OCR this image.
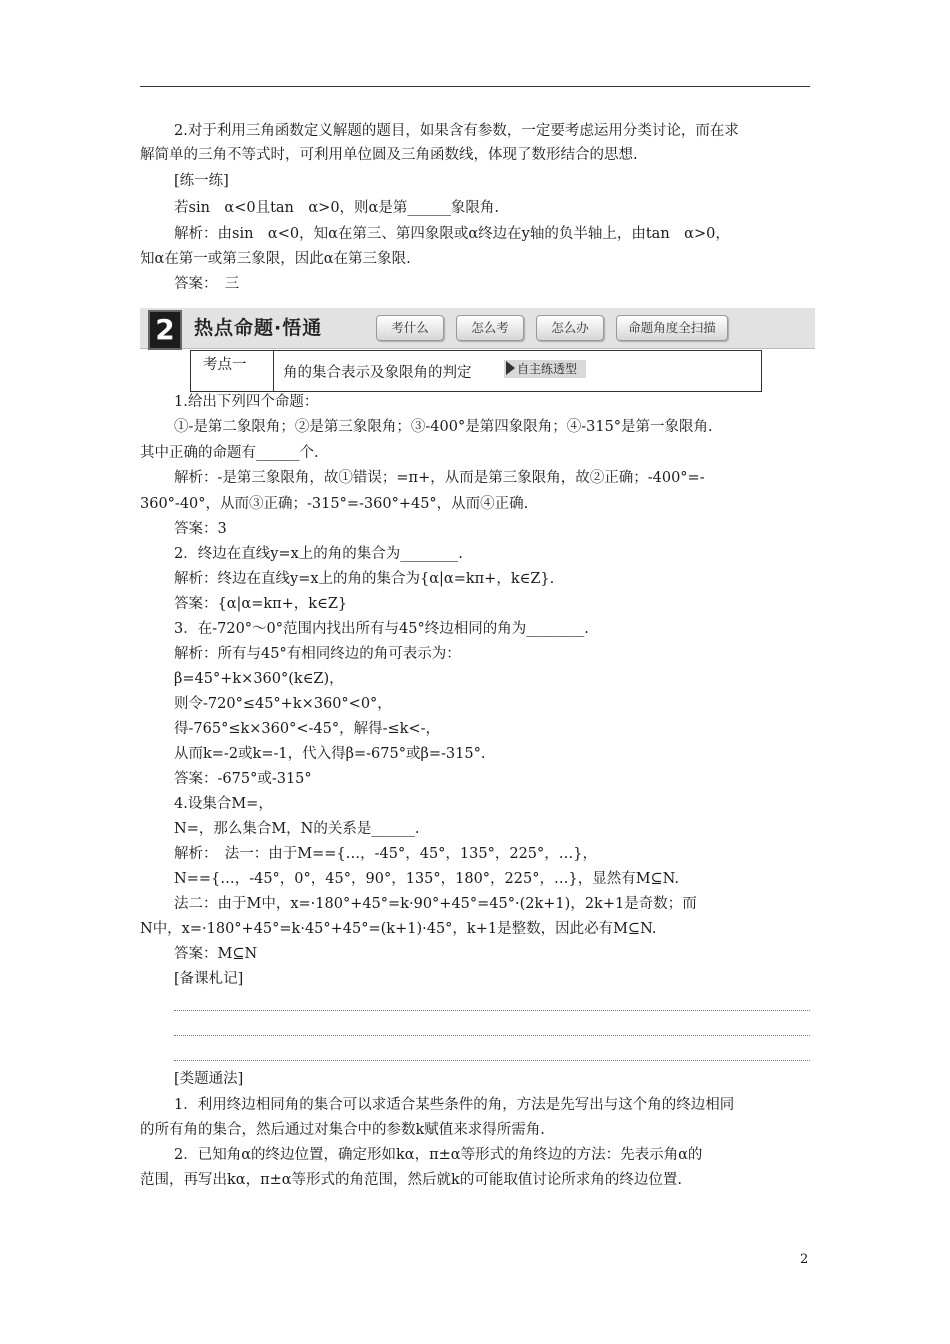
2.对于利用三角函数定义解题的题目，如果含有参数，一定要考虑运用分类讨论，而在求
解简单的三角不等式时，可利用单位圆及三角函数线，体现了数形结合的思想.
[练一练]
若sin　α<0且tan　α>0，则α是第______象限角.
解析：由sin　α<0，知α在第三、第四象限或α终边在y轴的负半轴上，由tan　α>0，
知α在第一或第三象限，因此α在第三象限.
答案：　三
2	热点命题·悟通	考什么	怎么考	怎么办	命题角度全扫描
考点一	角的集合表示及象限角的判定	自主练透型
1.给出下列四个命题：
①-是第二象限角；②是第三象限角；③-400°是第四象限角；④-315°是第一象限角.
其中正确的命题有______个.
解析：-是第三象限角，故①错误；=π+，从而是第三象限角，故②正确；-400°=-
360°-40°，从而③正确；-315°=-360°+45°，从而④正确.
答案：3
2．终边在直线y=x上的角的集合为________.
解析：终边在直线y=x上的角的集合为{α|α=kπ+，k∈Z}.
答案：{α|α=kπ+，k∈Z}
3．在-720°～0°范围内找出所有与45°终边相同的角为________.
解析：所有与45°有相同终边的角可表示为：
β=45°+k×360°(k∈Z)，
则令-720°≤45°+k×360°<0°，
得-765°≤k×360°<-45°，解得-≤k<-，
从而k=-2或k=-1，代入得β=-675°或β=-315°.
答案：-675°或-315°
4.设集合M=，
N=，那么集合M，N的关系是______.
解析：　法一：由于M=={…，-45°，45°，135°，225°，…}，
N=={…，-45°，0°，45°，90°，135°，180°，225°，…}，显然有M⊆N.
法二：由于M中，x=·180°+45°=k·90°+45°=45°·(2k+1)，2k+1是奇数；而
N中，x=·180°+45°=k·45°+45°=(k+1)·45°，k+1是整数，因此必有M⊆N.
答案：M⊆N
[备课札记]
[类题通法]
1．利用终边相同角的集合可以求适合某些条件的角，方法是先写出与这个角的终边相同
的所有角的集合，然后通过对集合中的参数k赋值来求得所需角.
2．已知角α的终边位置，确定形如kα，π±α等形式的角终边的方法：先表示角α的
范围，再写出kα，π±α等形式的角范围，然后就k的可能取值讨论所求角的终边位置.
2
